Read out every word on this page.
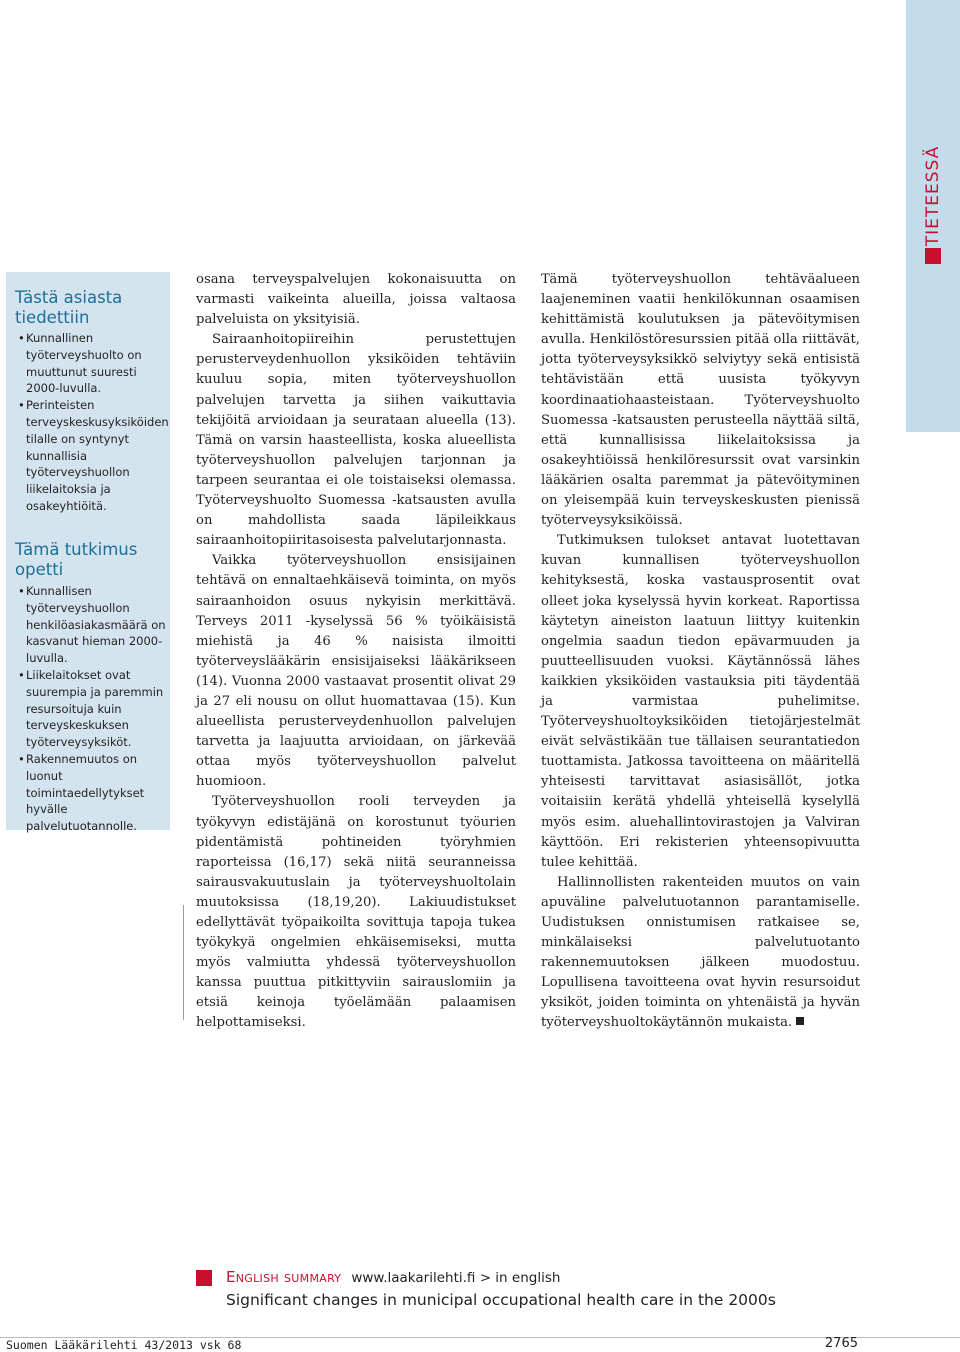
TIETEESSÄ
Tästä asiasta tiedettiin
• Kunnallinen työterveyshuolto on muuttunut suuresti 2000-luvulla.
• Perinteisten terveyskeskusyksiköiden tilalle on syntynyt kunnallisia työterveyshuollon liikelaitoksia ja osakeyhtiöitä.
Tämä tutkimus opetti
• Kunnallisen työterveyshuollon henkilöasiakasmäärä on kasvanut hieman 2000-luvulla.
• Liikelaitokset ovat suurempia ja paremmin resursoituja kuin terveyskeskuksen työterveysyksiköt.
• Rakennemuutos on luonut toimintaedellytykset hyvälle palvelutuotannolle.

osana terveyspalvelujen kokonaisuutta on varmasti vaikeinta alueilla, joissa valtaosa palveluista on yksityisiä.

Sairaanhoitopiireihin perustettujen perusterveydenhuollon yksiköiden tehtäviin kuuluu sopia, miten työterveyshuollon palvelujen tarvetta ja siihen vaikuttavia tekijöitä arvioidaan ja seurataan alueella (13). Tämä on varsin haasteellista, koska alueellista työterveyshuollon palvelujen tarjonnan ja tarpeen seurantaa ei ole toistaiseksi olemassa. Työterveyshuolto Suomessa -katsausten avulla on mahdollista saada läpileikkaus sairaanhoitopiiritasoisesta palvelutarjonnasta.

Vaikka työterveyshuollon ensisijainen tehtävä on ennaltaehkäisevä toiminta, on myös sairaanhoidon osuus nykyisin merkittävä. Terveys 2011 -kyselyssä 56 % työikäisistä miehistä ja 46 % naisista ilmoitti työterveyslääkärin ensisijaiseksi lääkärikseen (14). Vuonna 2000 vastaavat prosentit olivat 29 ja 27 eli nousu on ollut huomattavaa (15). Kun alueellista perusterveydenhuollon palvelujen tarvetta ja laajuutta arvioidaan, on järkevää ottaa myös työterveyshuollon palvelut huomioon.

Työterveyshuollon rooli terveyden ja työkyvyn edistäjänä on korostunut työurien pidentämistä pohtineiden työryhmien raporteissa (16,17) sekä niitä seuranneissa sairausvakuutuslain ja työterveyshuoltolain muutoksissa (18,19,20). Lakiuudistukset edellyttävät työpaikoilta sovittuja tapoja tukea työkykyä ongelmien ehkäisemiseksi, mutta myös valmiutta yhdessä työterveyshuollon kanssa puuttua pitkittyviin sairauslomiin ja etsiä keinoja työelämään palaamisen helpottamiseksi.

Tämä työterveyshuollon tehtäväalueen laajeneminen vaatii henkilökunnan osaamisen kehittämistä koulutuksen ja pätevöitymisen avulla. Henkilöstöresurssien pitää olla riittävät, jotta työterveysyksikkö selviytyy sekä entisistä tehtävistään että uusista työkyvyn koordinaatiohaasteistaan. Työterveyshuolto Suomessa -katsausten perusteella näyttää siltä, että kunnallisissa liikelaitoksissa ja osakeyhtiöissä henkilöresurssit ovat varsinkin lääkärien osalta paremmat ja pätevöityminen on yleisempää kuin terveyskeskusten pienissä työterveysyksiköissä.

Tutkimuksen tulokset antavat luotettavan kuvan kunnallisen työterveyshuollon kehityksestä, koska vastausprosentit ovat olleet joka kyselyssä hyvin korkeat. Raportissa käytetyn aineiston laatuun liittyy kuitenkin ongelmia saadun tiedon epävarmuuden ja puutteellisuuden vuoksi. Käytännössä lähes kaikkien yksiköiden vastauksia piti täydentää ja varmistaa puhelimitse. Työterveyshuoltoyksiköiden tietojärjestelmät eivät selvästikään tue tällaisen seurantatiedon tuottamista. Jatkossa tavoitteena on määritellä yhteisesti tarvittavat asiasisällöt, jotka voitaisiin kerätä yhdellä yhteisellä kyselyllä myös esim. aluehallintovirastojen ja Valviran käyttöön. Eri rekisterien yhteensopivuutta tulee kehittää.

Hallinnollisten rakenteiden muutos on vain apuväline palvelutuotannon parantamiselle. Uudistuksen onnistumisen ratkaisee se, minkälaiseksi palvelutuotanto rakennemuutoksen jälkeen muodostuu. Lopullisena tavoitteena ovat hyvin resursoidut yksiköt, joiden toiminta on yhtenäistä ja hyvän työterveyshuoltokäytännön mukaista.

English summary www.laakarilehti.fi > in english
Significant changes in municipal occupational health care in the 2000s
Suomen Lääkärilehti 43/2013 vsk 68	2765
